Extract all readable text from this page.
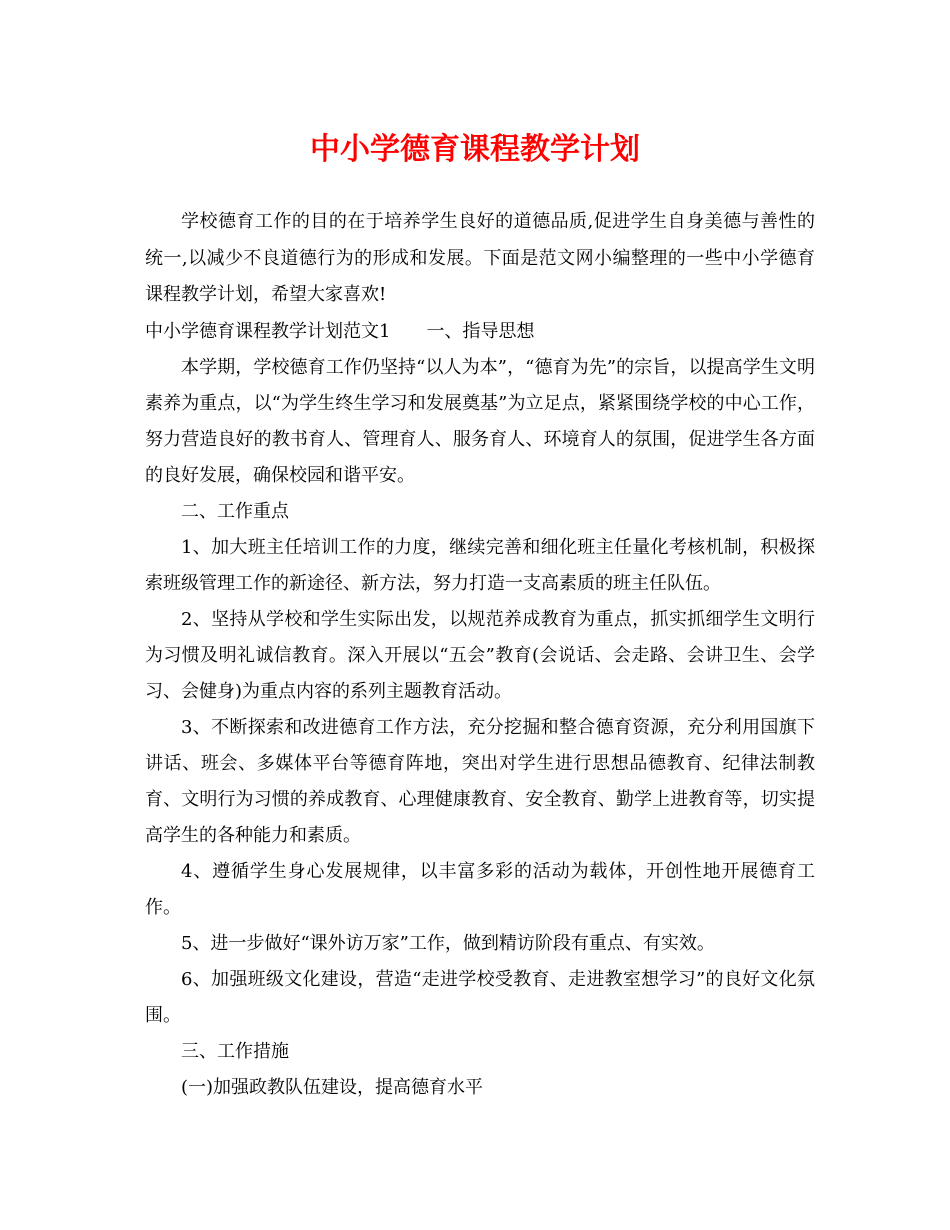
中小学德育课程教学计划

学校德育工作的目的在于培养学生良好的道德品质,促进学生自身美德与善性的统一,以减少不良道德行为的形成和发展。下面是范文网小编整理的一些中小学德育课程教学计划，希望大家喜欢!

中小学德育课程教学计划范文1 一、指导思想

本学期，学校德育工作仍坚持“以人为本”，“德育为先”的宗旨，以提高学生文明素养为重点，以“为学生终生学习和发展奠基”为立足点，紧紧围绕学校的中心工作，努力营造良好的教书育人、管理育人、服务育人、环境育人的氛围，促进学生各方面的良好发展，确保校园和谐平安。

二、工作重点

1、加大班主任培训工作的力度，继续完善和细化班主任量化考核机制，积极探索班级管理工作的新途径、新方法，努力打造一支高素质的班主任队伍。

2、坚持从学校和学生实际出发，以规范养成教育为重点，抓实抓细学生文明行为习惯及明礼诚信教育。深入开展以“五会”教育(会说话、会走路、会讲卫生、会学习、会健身)为重点内容的系列主题教育活动。

3、不断探索和改进德育工作方法，充分挖掘和整合德育资源，充分利用国旗下讲话、班会、多媒体平台等德育阵地，突出对学生进行思想品德教育、纪律法制教育、文明行为习惯的养成教育、心理健康教育、安全教育、勤学上进教育等，切实提高学生的各种能力和素质。

4、遵循学生身心发展规律，以丰富多彩的活动为载体，开创性地开展德育工作。

5、进一步做好“课外访万家”工作，做到精访阶段有重点、有实效。

6、加强班级文化建设，营造“走进学校受教育、走进教室想学习”的良好文化氛围。

三、工作措施

(一)加强政教队伍建设，提高德育水平
